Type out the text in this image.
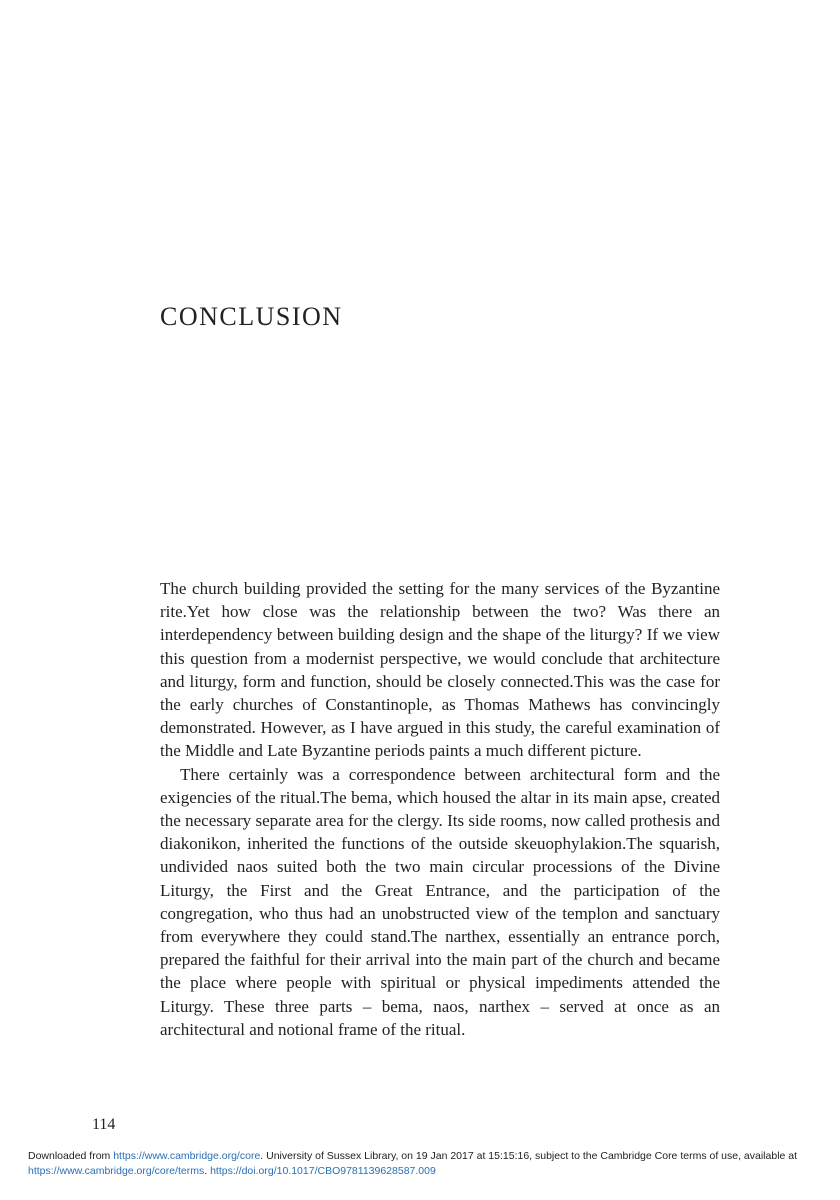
CONCLUSION

The church building provided the setting for the many services of the Byzantine rite.Yet how close was the relationship between the two? Was there an interdependency between building design and the shape of the liturgy? If we view this question from a modernist perspective, we would conclude that architecture and liturgy, form and function, should be closely connected.This was the case for the early churches of Constantinople, as Thomas Mathews has convincingly demonstrated. However, as I have argued in this study, the careful examination of the Middle and Late Byzantine periods paints a much different picture.

There certainly was a correspondence between architectural form and the exigencies of the ritual.The bema, which housed the altar in its main apse, created the necessary separate area for the clergy. Its side rooms, now called prothesis and diakonikon, inherited the functions of the outside skeuophylakion.The squarish, undivided naos suited both the two main circular processions of the Divine Liturgy, the First and the Great Entrance, and the participation of the congregation, who thus had an unobstructed view of the templon and sanctuary from everywhere they could stand.The narthex, essentially an entrance porch, prepared the faithful for their arrival into the main part of the church and became the place where people with spiritual or physical impediments attended the Liturgy. These three parts – bema, naos, narthex – served at once as an architectural and notional frame of the ritual.

114
Downloaded from https://www.cambridge.org/core. University of Sussex Library, on 19 Jan 2017 at 15:15:16, subject to the Cambridge Core terms of use, available at https://www.cambridge.org/core/terms. https://doi.org/10.1017/CBO9781139628587.009
